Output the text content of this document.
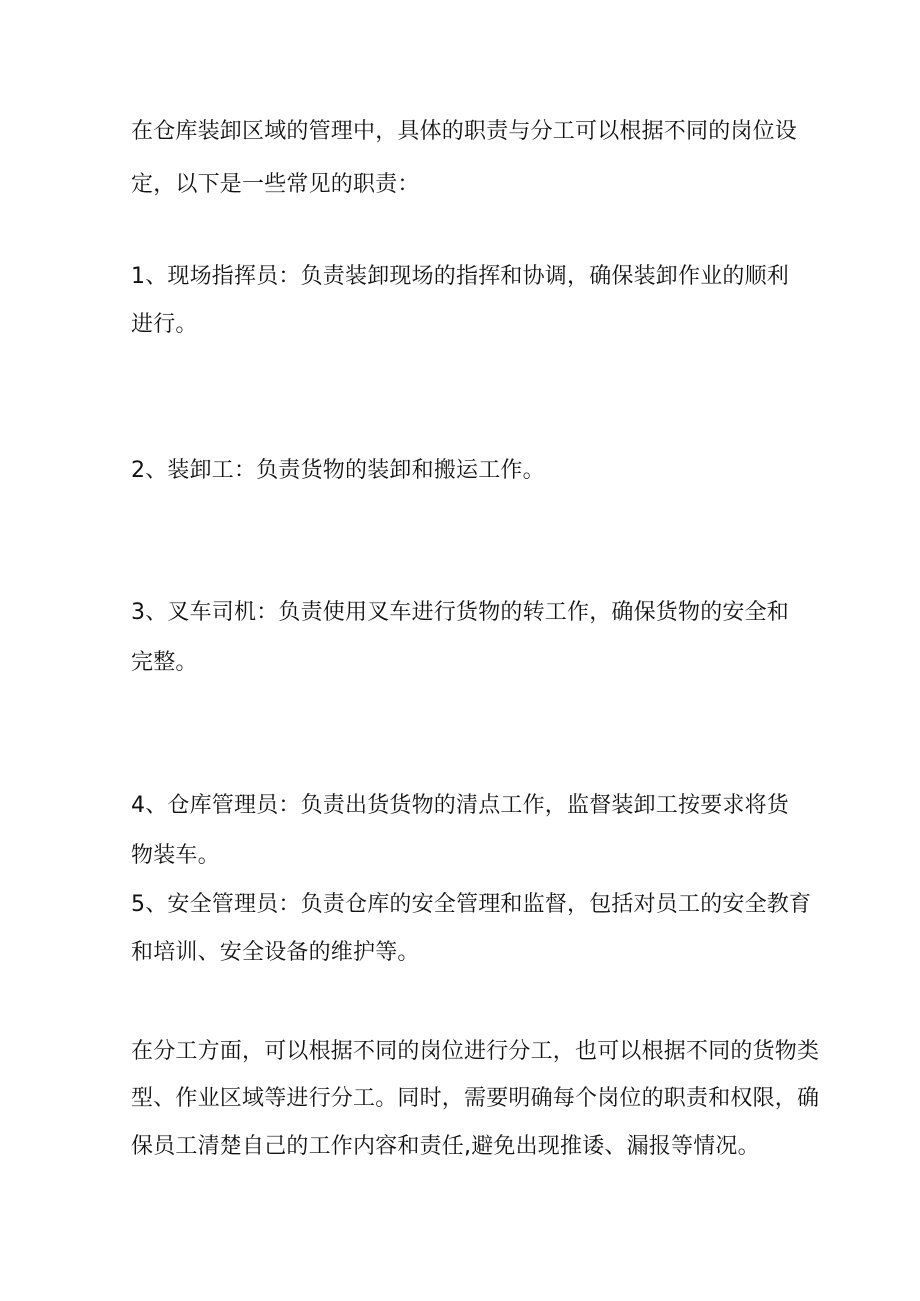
在仓库装卸区域的管理中，具体的职责与分工可以根据不同的岗位设
定，以下是一些常见的职责：
1、现场指挥员：负责装卸现场的指挥和协调，确保装卸作业的顺利
进行。
2、装卸工：负责货物的装卸和搬运工作。
3、叉车司机：负责使用叉车进行货物的转工作，确保货物的安全和
完整。
4、仓库管理员：负责出货货物的清点工作，监督装卸工按要求将货
物装车。
5、安全管理员：负责仓库的安全管理和监督，包括对员工的安全教育
和培训、安全设备的维护等。
在分工方面，可以根据不同的岗位进行分工，也可以根据不同的货物类
型、作业区域等进行分工。同时，需要明确每个岗位的职责和权限，确
保员工清楚自己的工作内容和责任,避免出现推诿、漏报等情况。
